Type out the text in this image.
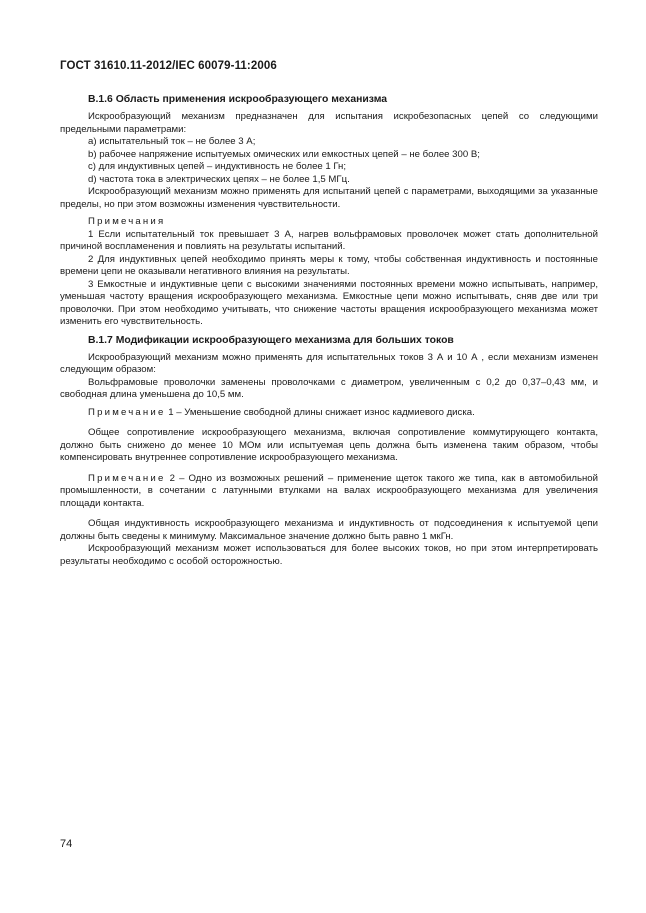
ГОСТ 31610.11-2012/IEC 60079-11:2006
В.1.6 Область применения искрообразующего механизма

Искрообразующий механизм предназначен для испытания искробезопасных цепей со следующими предельными параметрами:

a) испытательный ток – не более 3 А;
b) рабочее напряжение испытуемых омических или емкостных цепей – не более 300 В;
c) для индуктивных цепей – индуктивность не более 1 Гн;
d) частота тока в электрических цепях – не более 1,5 МГц.

Искрообразующий механизм можно применять для испытаний цепей с параметрами, выходящими за указанные пределы, но при этом возможны изменения чувствительности.

Примечания

1 Если испытательный ток превышает 3 А, нагрев вольфрамовых проволочек может стать дополнительной причиной воспламенения и повлиять на результаты испытаний.

2 Для индуктивных цепей необходимо принять меры к тому, чтобы собственная индуктивность и постоянные времени цепи не оказывали негативного влияния на результаты.

3 Емкостные и индуктивные цепи с высокими значениями постоянных времени можно испытывать, например, уменьшая частоту вращения искрообразующего механизма. Емкостные цепи можно испытывать, сняв две или три проволочки. При этом необходимо учитывать, что снижение частоты вращения искрообразующего механизма может изменить его чувствительность.

В.1.7 Модификации искрообразующего механизма для больших токов

Искрообразующий механизм можно применять для испытательных токов 3 А и 10 А , если механизм изменен следующим образом:

Вольфрамовые проволочки заменены проволочками с диаметром, увеличенным с 0,2 до 0,37–0,43 мм, и свободная длина уменьшена до 10,5 мм.

Примечание 1 – Уменьшение свободной длины снижает износ кадмиевого диска.

Общее сопротивление искрообразующего механизма, включая сопротивление коммутирующего контакта, должно быть снижено до менее 10 МОм или испытуемая цепь должна быть изменена таким образом, чтобы компенсировать внутреннее сопротивление искрообразующего механизма.

Примечание 2 – Одно из возможных решений – применение щеток такого же типа, как в автомобильной промышленности, в сочетании с латунными втулками на валах искрообразующего механизма для увеличения площади контакта.

Общая индуктивность искрообразующего механизма и индуктивность от подсоединения к испытуемой цепи должны быть сведены к минимуму. Максимальное значение должно быть равно 1 мкГн.

Искрообразующий механизм может использоваться для более высоких токов, но при этом интерпретировать результаты необходимо с особой осторожностью.

74
